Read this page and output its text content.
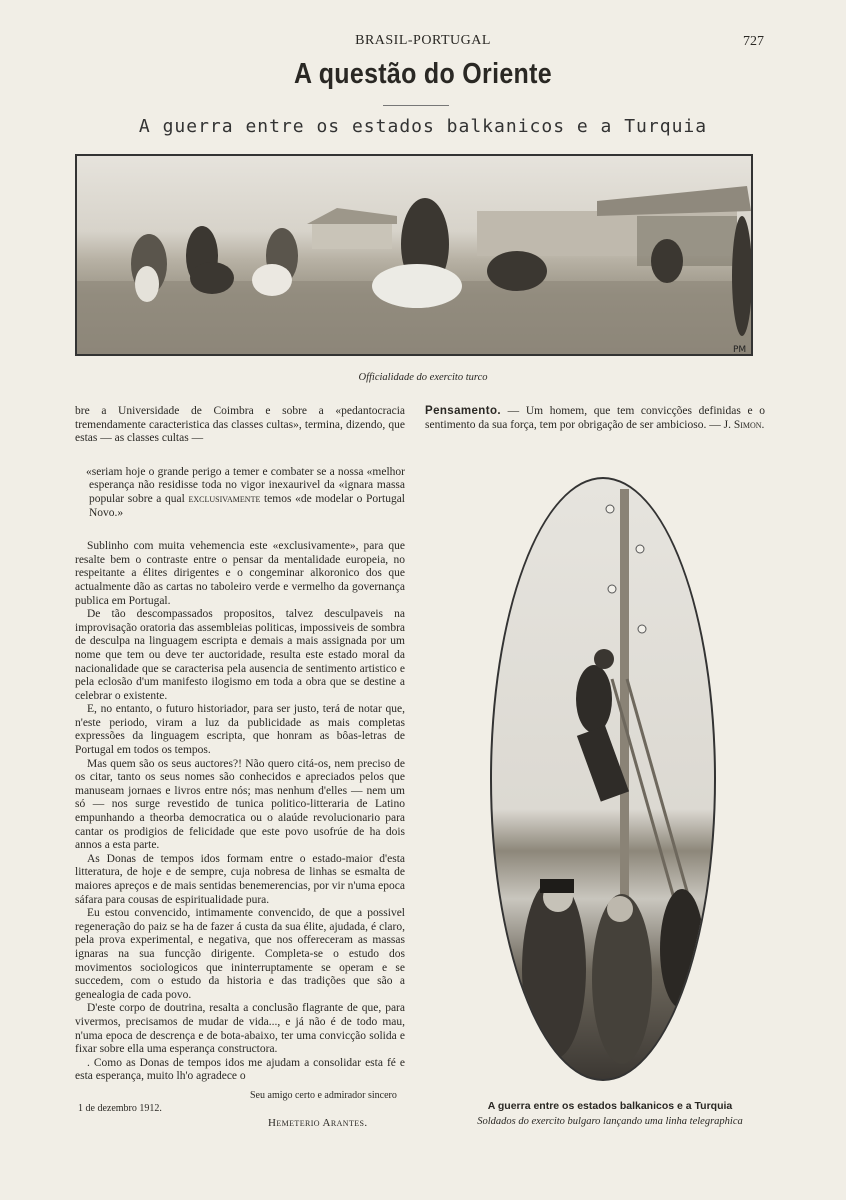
BRASIL-PORTUGAL	727
A questão do Oriente
A guerra entre os estados balkanicos e a Turquia
PM
Officialidade do exercito turco

bre a Universidade de Coimbra e sobre a «pedantocracia tremendamente caracteristica das classes cultas», termina, dizendo, que estas — as classes cultas —

«seriam hoje o grande perigo a temer e combater se a nossa «melhor esperança não residisse toda no vigor inexaurivel da «ignara massa popular sobre a qual exclusivamente temos «de modelar o Portugal Novo.»

Sublinho com muita vehemencia este «exclusivamente», para que resalte bem o contraste entre o pensar da mentalidade europeia, no respeitante a élites dirigentes e o congeminar alkoronico dos que actualmente dão as cartas no taboleiro verde e vermelho da governança publica em Portugal.

De tão descompassados propositos, talvez desculpaveis na improvisação oratoria das assembleias politicas, impossiveis de sombra de desculpa na linguagem escripta e demais a mais assignada por um nome que tem ou deve ter auctoridade, resulta este estado moral da nacionalidade que se caracterisa pela ausencia de sentimento artistico e pela eclosão d'um manifesto ilogismo em toda a obra que se destine a celebrar o existente.

E, no entanto, o futuro historiador, para ser justo, terá de notar que, n'este periodo, viram a luz da publicidade as mais completas expressões da linguagem escripta, que honram as bôas-letras de Portugal em todos os tempos.

Mas quem são os seus auctores?! Não quero citá-os, nem preciso de os citar, tanto os seus nomes são conhecidos e apreciados pelos que manuseam jornaes e livros entre nós; mas nenhum d'elles — nem um só — nos surge revestido de tunica politico-litteraria de Latino empunhando a theorba democratica ou o alaúde revolucionario para cantar os prodigios de felicidade que este povo usofrúe de ha dois annos a esta parte.

As Donas de tempos idos formam entre o estado-maior d'esta litteratura, de hoje e de sempre, cuja nobresa de linhas se esmalta de maiores apreços e de mais sentidas benemerencias, por vir n'uma epoca sáfara para cousas de espiritualidade pura.

Eu estou convencido, intimamente convencido, de que a possivel regeneração do paiz se ha de fazer á custa da sua élite, ajudada, é claro, pela prova experimental, e negativa, que nos offereceram as massas ignaras na sua funcção dirigente. Completa-se o estudo dos movimentos sociologicos que ininterruptamente se operam e se succedem, com o estudo da historia e das tradições que são a genealogia de cada povo.

D'este corpo de doutrina, resalta a conclusão flagrante de que, para vivermos, precisamos de mudar de vida..., e já não é de todo mau, n'uma epoca de descrença e de bota-abaixo, ter uma convicção solida e fixar sobre ella uma esperança constructora.

. Como as Donas de tempos idos me ajudam a consolidar esta fé e esta esperança, muito lh'o agradece o

Seu amigo certo e admirador sincero
1 de dezembro 1912.
Hemeterio Arantes.
Pensamento. — Um homem, que tem convicções definidas e o sentimento da sua força, tem por obrigação de ser ambicioso. — J. Simon.
A guerra entre os estados balkanicos e a Turquia
Soldados do exercito bulgaro lançando uma linha telegraphica
